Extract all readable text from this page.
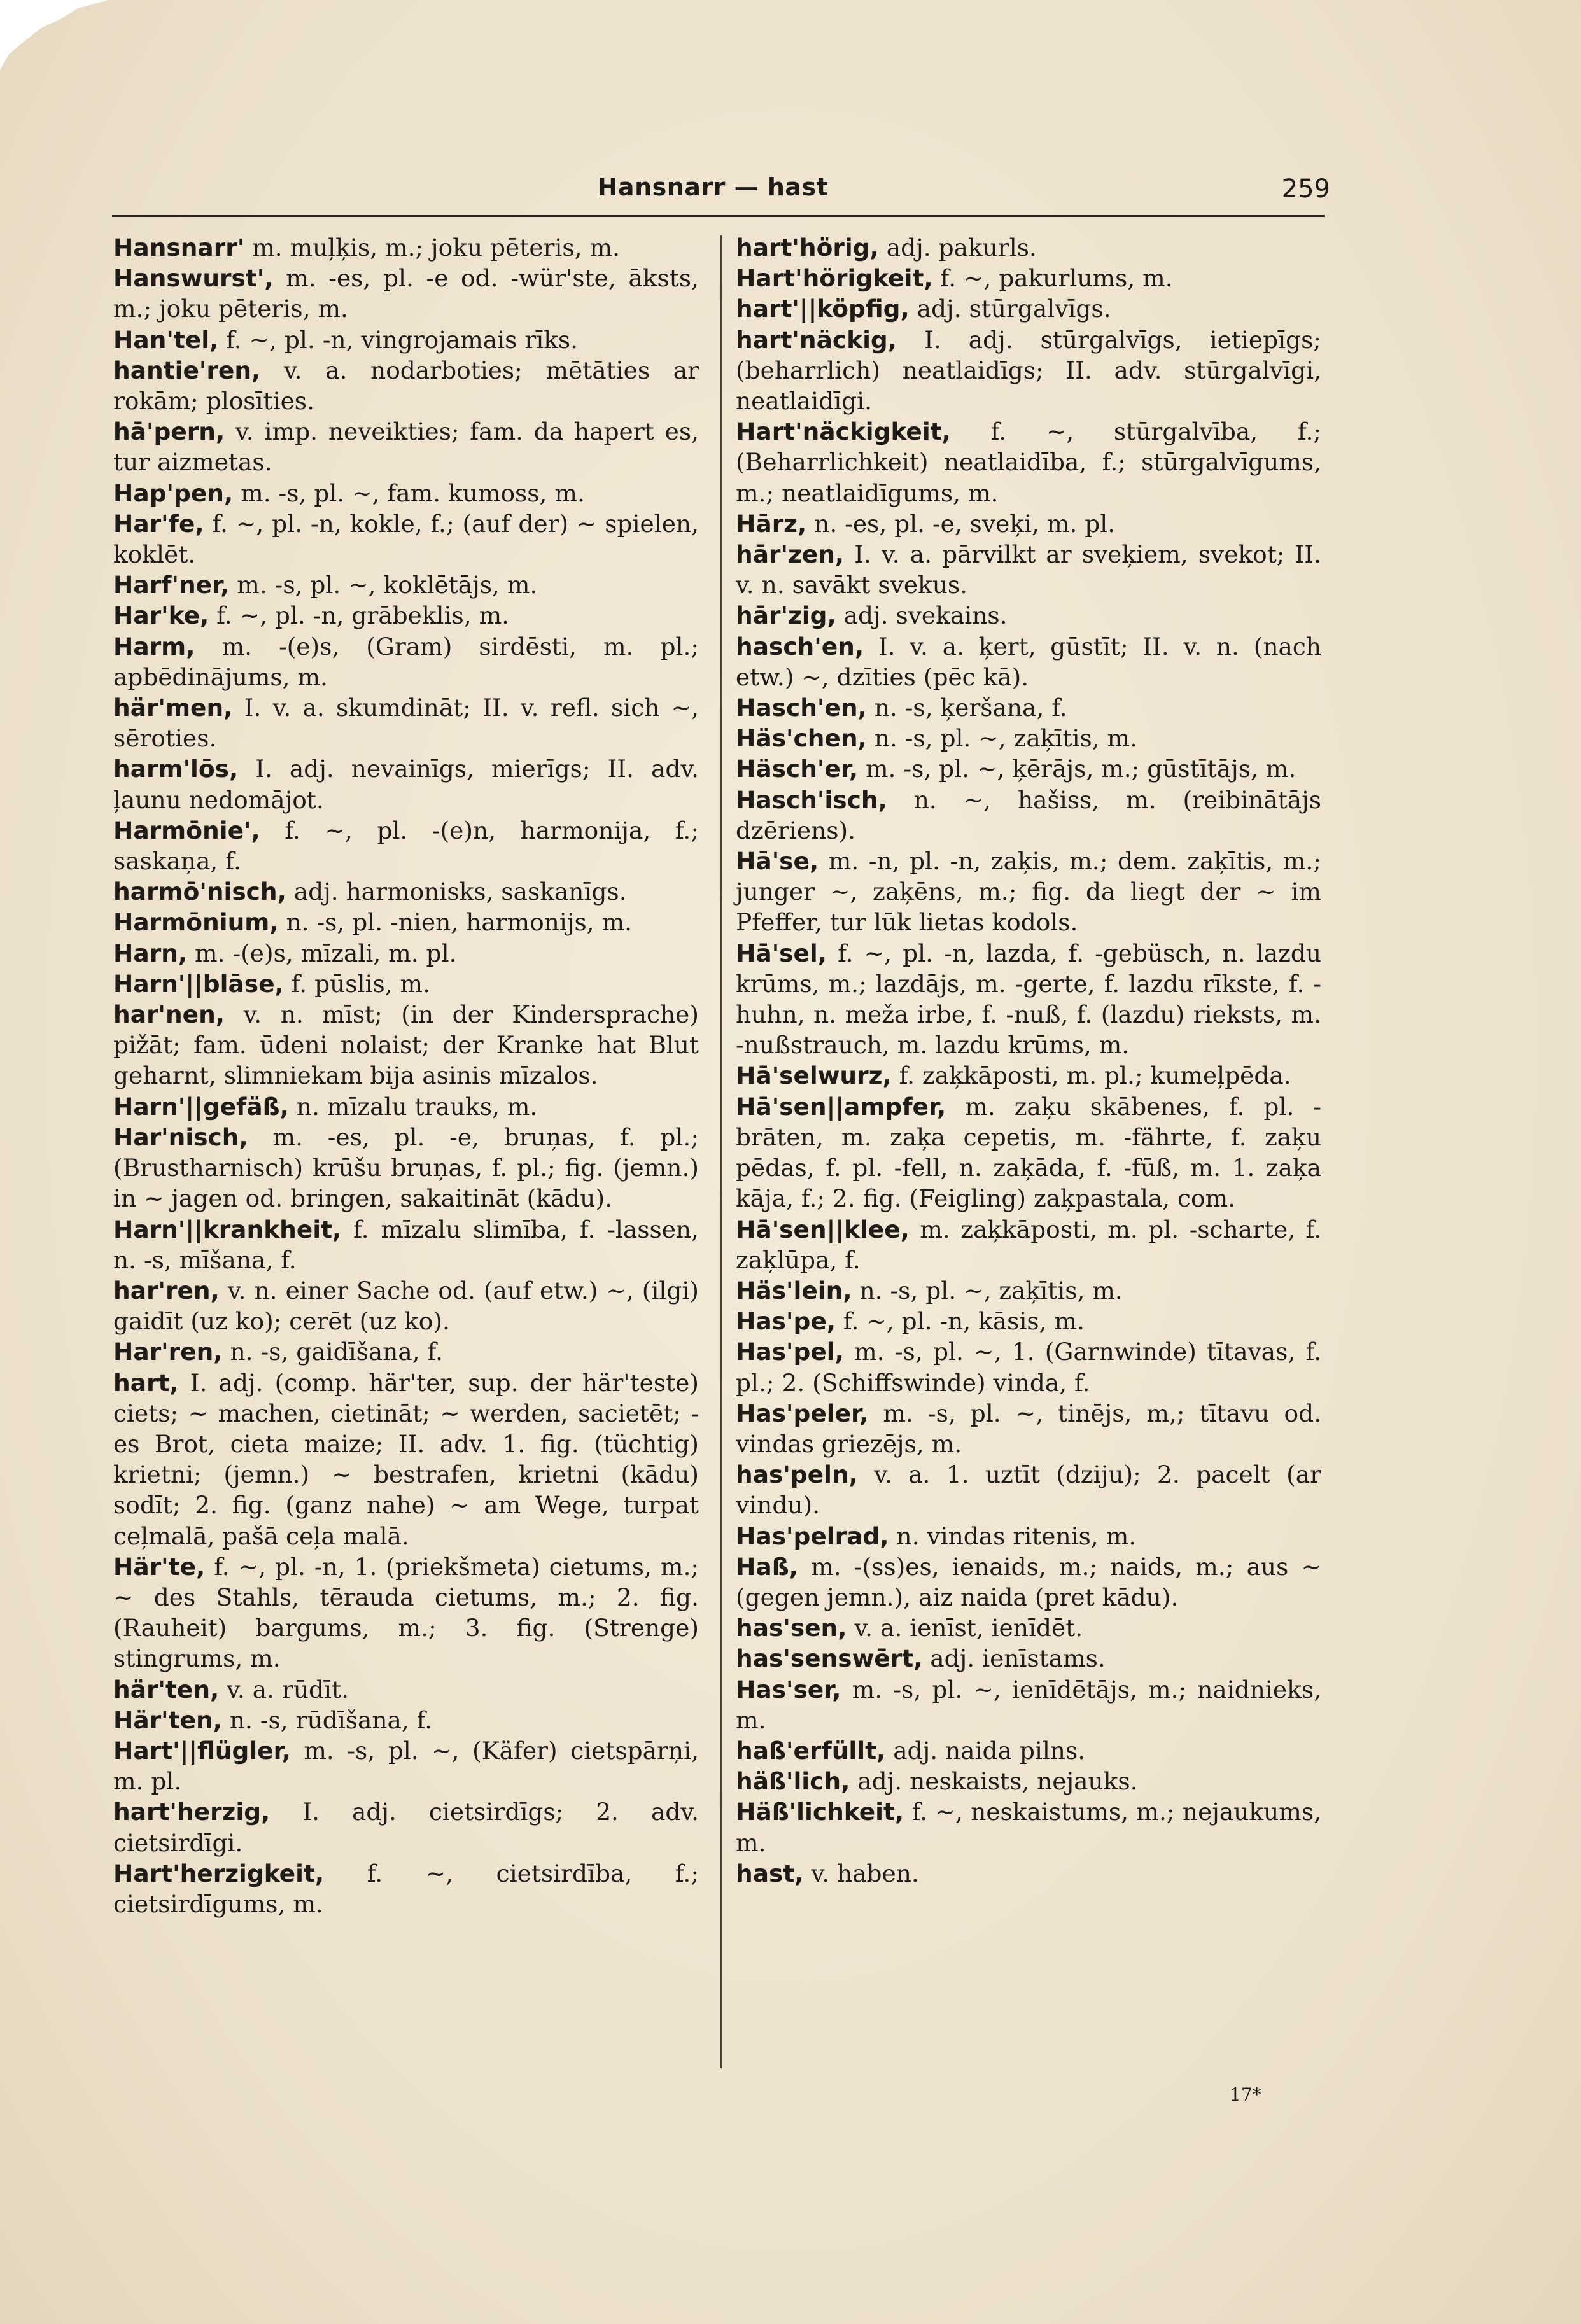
Hansnarr — hast	259

Hansnarr' m. muļķis, m.; joku pēteris, m.

Hanswurst', m. -es, pl. -e od. -wür'ste, āksts, m.; joku pēteris, m.

Han'tel, f. ~, pl. -n, vingrojamais rīks.

hantie'ren, v. a. nodarboties; mētāties ar rokām; plosīties.

hā'pern, v. imp. neveikties; fam. da hapert es, tur aizmetas.

Hap'pen, m. -s, pl. ~, fam. kumoss, m.

Har'fe, f. ~, pl. -n, kokle, f.; (auf der) ~ spielen, koklēt.

Harf'ner, m. -s, pl. ~, koklētājs, m.

Har'ke, f. ~, pl. -n, grābeklis, m.

Harm, m. -(e)s, (Gram) sirdēsti, m. pl.; apbēdinājums, m.

här'men, I. v. a. skumdināt; II. v. refl. sich ~, sēroties.

harm'lōs, I. adj. nevainīgs, mierīgs; II. adv. ļaunu nedomājot.

Harmōnie', f. ~, pl. -(e)n, harmonija, f.; saskaņa, f.

harmō'nisch, adj. harmonisks, saskanīgs.

Harmōnium, n. -s, pl. -nien, harmonijs, m.

Harn, m. -(e)s, mīzali, m. pl.

Harn'||blāse, f. pūslis, m.

har'nen, v. n. mīst; (in der Kindersprache) pižāt; fam. ūdeni nolaist; der Kranke hat Blut geharnt, slimniekam bija asinis mīzalos.

Harn'||gefäß, n. mīzalu trauks, m.

Har'nisch, m. -es, pl. -e, bruņas, f. pl.; (Brustharnisch) krūšu bruņas, f. pl.; fig. (jemn.) in ~ jagen od. bringen, sakaitināt (kādu).

Harn'||krankheit, f. mīzalu slimība, f. -lassen, n. -s, mīšana, f.

har'ren, v. n. einer Sache od. (auf etw.) ~, (ilgi) gaidīt (uz ko); cerēt (uz ko).

Har'ren, n. -s, gaidīšana, f.

hart, I. adj. (comp. här'ter, sup. der här'teste) ciets; ~ machen, cietināt; ~ werden, sacietēt; -es Brot, cieta maize; II. adv. 1. fig. (tüchtig) krietni; (jemn.) ~ bestrafen, krietni (kādu) sodīt; 2. fig. (ganz nahe) ~ am Wege, turpat ceļmalā, pašā ceļa malā.

Här'te, f. ~, pl. -n, 1. (priekšmeta) cietums, m.; ~ des Stahls, tērauda cietums, m.; 2. fig. (Rauheit) bargums, m.; 3. fig. (Strenge) stingrums, m.

här'ten, v. a. rūdīt.

Här'ten, n. -s, rūdīšana, f.

Hart'||flügler, m. -s, pl. ~, (Käfer) cietspārņi, m. pl.

hart'herzig, I. adj. cietsirdīgs; 2. adv. cietsirdīgi.

Hart'herzigkeit, f. ~, cietsirdība, f.; cietsirdīgums, m.

hart'hörig, adj. pakurls.

Hart'hörigkeit, f. ~, pakurlums, m.

hart'||köpfig, adj. stūrgalvīgs.

hart'näckig, I. adj. stūrgalvīgs, ietiepīgs; (beharrlich) neatlaidīgs; II. adv. stūrgalvīgi, neatlaidīgi.

Hart'näckigkeit, f. ~, stūrgalvība, f.; (Beharrlichkeit) neatlaidība, f.; stūrgalvīgums, m.; neatlaidīgums, m.

Hārz, n. -es, pl. -e, sveķi, m. pl.

hār'zen, I. v. a. pārvilkt ar sveķiem, svekot; II. v. n. savākt svekus.

hār'zig, adj. svekains.

hasch'en, I. v. a. ķert, gūstīt; II. v. n. (nach etw.) ~, dzīties (pēc kā).

Hasch'en, n. -s, ķeršana, f.

Häs'chen, n. -s, pl. ~, zaķītis, m.

Häsch'er, m. -s, pl. ~, ķērājs, m.; gūstītājs, m.

Hasch'isch, n. ~, hašiss, m. (reibinātājs dzēriens).

Hā'se, m. -n, pl. -n, zaķis, m.; dem. zaķītis, m.; junger ~, zaķēns, m.; fig. da liegt der ~ im Pfeffer, tur lūk lietas kodols.

Hā'sel, f. ~, pl. -n, lazda, f. -gebüsch, n. lazdu krūms, m.; lazdājs, m. -gerte, f. lazdu rīkste, f. -huhn, n. meža irbe, f. -nuß, f. (lazdu) rieksts, m. -nußstrauch, m. lazdu krūms, m.

Hā'selwurz, f. zaķkāposti, m. pl.; kumeļpēda.

Hā'sen||ampfer, m. zaķu skābenes, f. pl. -brāten, m. zaķa cepetis, m. -fährte, f. zaķu pēdas, f. pl. -fell, n. zaķāda, f. -fūß, m. 1. zaķa kāja, f.; 2. fig. (Feigling) zaķpastala, com.

Hā'sen||klee, m. zaķkāposti, m. pl. -scharte, f. zaķlūpa, f.

Häs'lein, n. -s, pl. ~, zaķītis, m.

Has'pe, f. ~, pl. -n, kāsis, m.

Has'pel, m. -s, pl. ~, 1. (Garnwinde) tītavas, f. pl.; 2. (Schiffswinde) vinda, f.

Has'peler, m. -s, pl. ~, tinējs, m,; tītavu od. vindas griezējs, m.

has'peln, v. a. 1. uztīt (dziju); 2. pacelt (ar vindu).

Has'pelrad, n. vindas ritenis, m.

Haß, m. -(ss)es, ienaids, m.; naids, m.; aus ~ (gegen jemn.), aiz naida (pret kādu).

has'sen, v. a. ienīst, ienīdēt.

has'senswērt, adj. ienīstams.

Has'ser, m. -s, pl. ~, ienīdētājs, m.; naidnieks, m.

haß'erfüllt, adj. naida pilns.

häß'lich, adj. neskaists, nejauks.

Häß'lichkeit, f. ~, neskaistums, m.; nejaukums, m.

hast, v. haben.

17*
